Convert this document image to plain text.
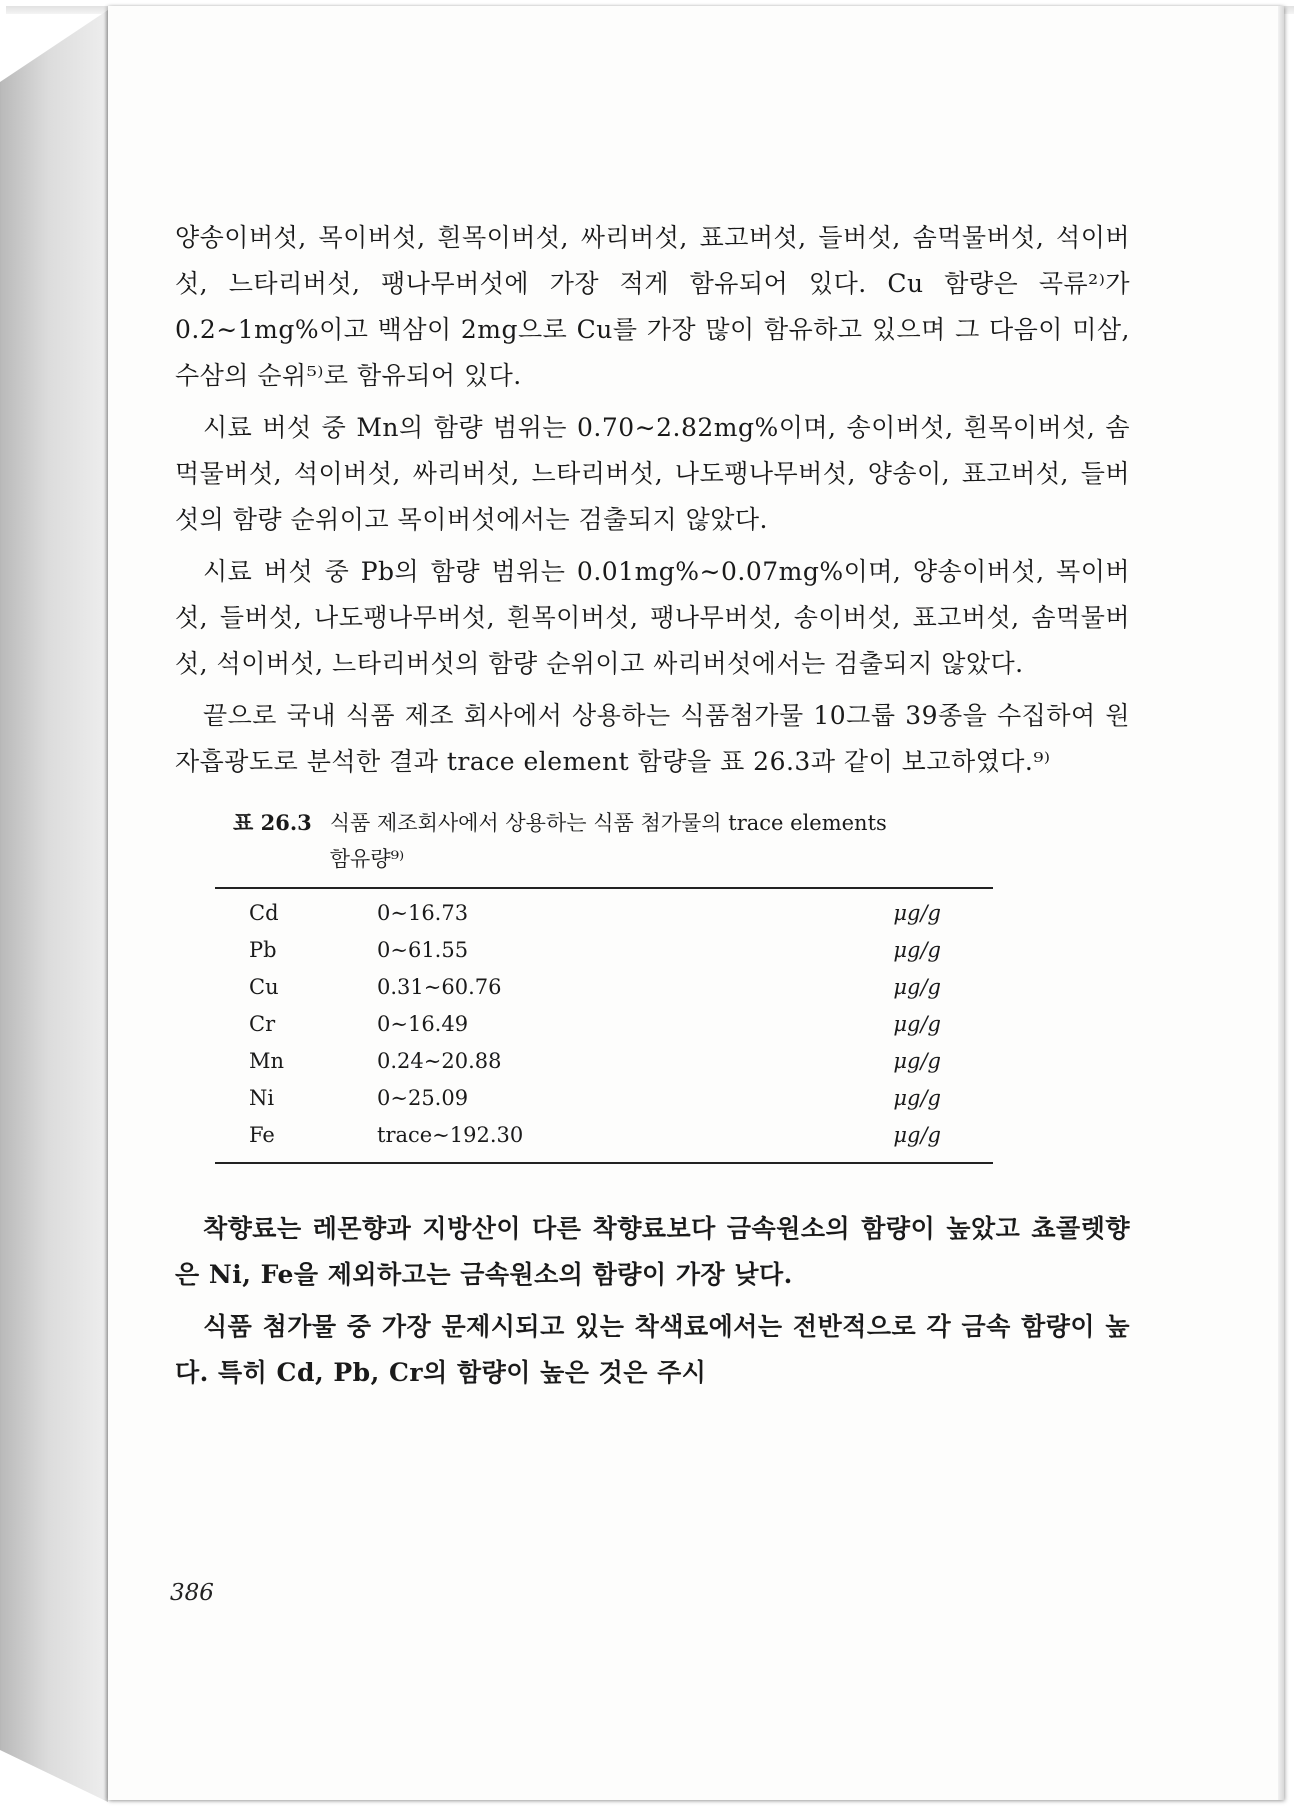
양송이버섯, 목이버섯, 흰목이버섯, 싸리버섯, 표고버섯, 들버섯, 솜먹물버섯, 석이버섯, 느타리버섯, 팽나무버섯에 가장 적게 함유되어 있다. Cu 함량은 곡류²⁾가 0.2∼1mg%이고 백삼이 2mg으로 Cu를 가장 많이 함유하고 있으며 그 다음이 미삼, 수삼의 순위⁵⁾로 함유되어 있다.

시료 버섯 중 Mn의 함량 범위는 0.70∼2.82mg%이며, 송이버섯, 흰목이버섯, 솜먹물버섯, 석이버섯, 싸리버섯, 느타리버섯, 나도팽나무버섯, 양송이, 표고버섯, 들버섯의 함량 순위이고 목이버섯에서는 검출되지 않았다.

시료 버섯 중 Pb의 함량 범위는 0.01mg%∼0.07mg%이며, 양송이버섯, 목이버섯, 들버섯, 나도팽나무버섯, 흰목이버섯, 팽나무버섯, 송이버섯, 표고버섯, 솜먹물버섯, 석이버섯, 느타리버섯의 함량 순위이고 싸리버섯에서는 검출되지 않았다.

끝으로 국내 식품 제조 회사에서 상용하는 식품첨가물 10그룹 39종을 수집하여 원자흡광도로 분석한 결과 trace element 함량을 표 26.3과 같이 보고하였다.⁹⁾

표 26.3 식품 제조회사에서 상용하는 식품 첨가물의 trace elements 함유량⁹⁾
Cd	0∼16.73	μg/g
Pb	0∼61.55	μg/g
Cu	0.31∼60.76	μg/g
Cr	0∼16.49	μg/g
Mn	0.24∼20.88	μg/g
Ni	0∼25.09	μg/g
Fe	trace∼192.30	μg/g

착향료는 레몬향과 지방산이 다른 착향료보다 금속원소의 함량이 높았고 쵸콜렛향은 Ni, Fe을 제외하고는 금속원소의 함량이 가장 낮다.

식품 첨가물 중 가장 문제시되고 있는 착색료에서는 전반적으로 각 금속 함량이 높다. 특히 Cd, Pb, Cr의 함량이 높은 것은 주시

386
